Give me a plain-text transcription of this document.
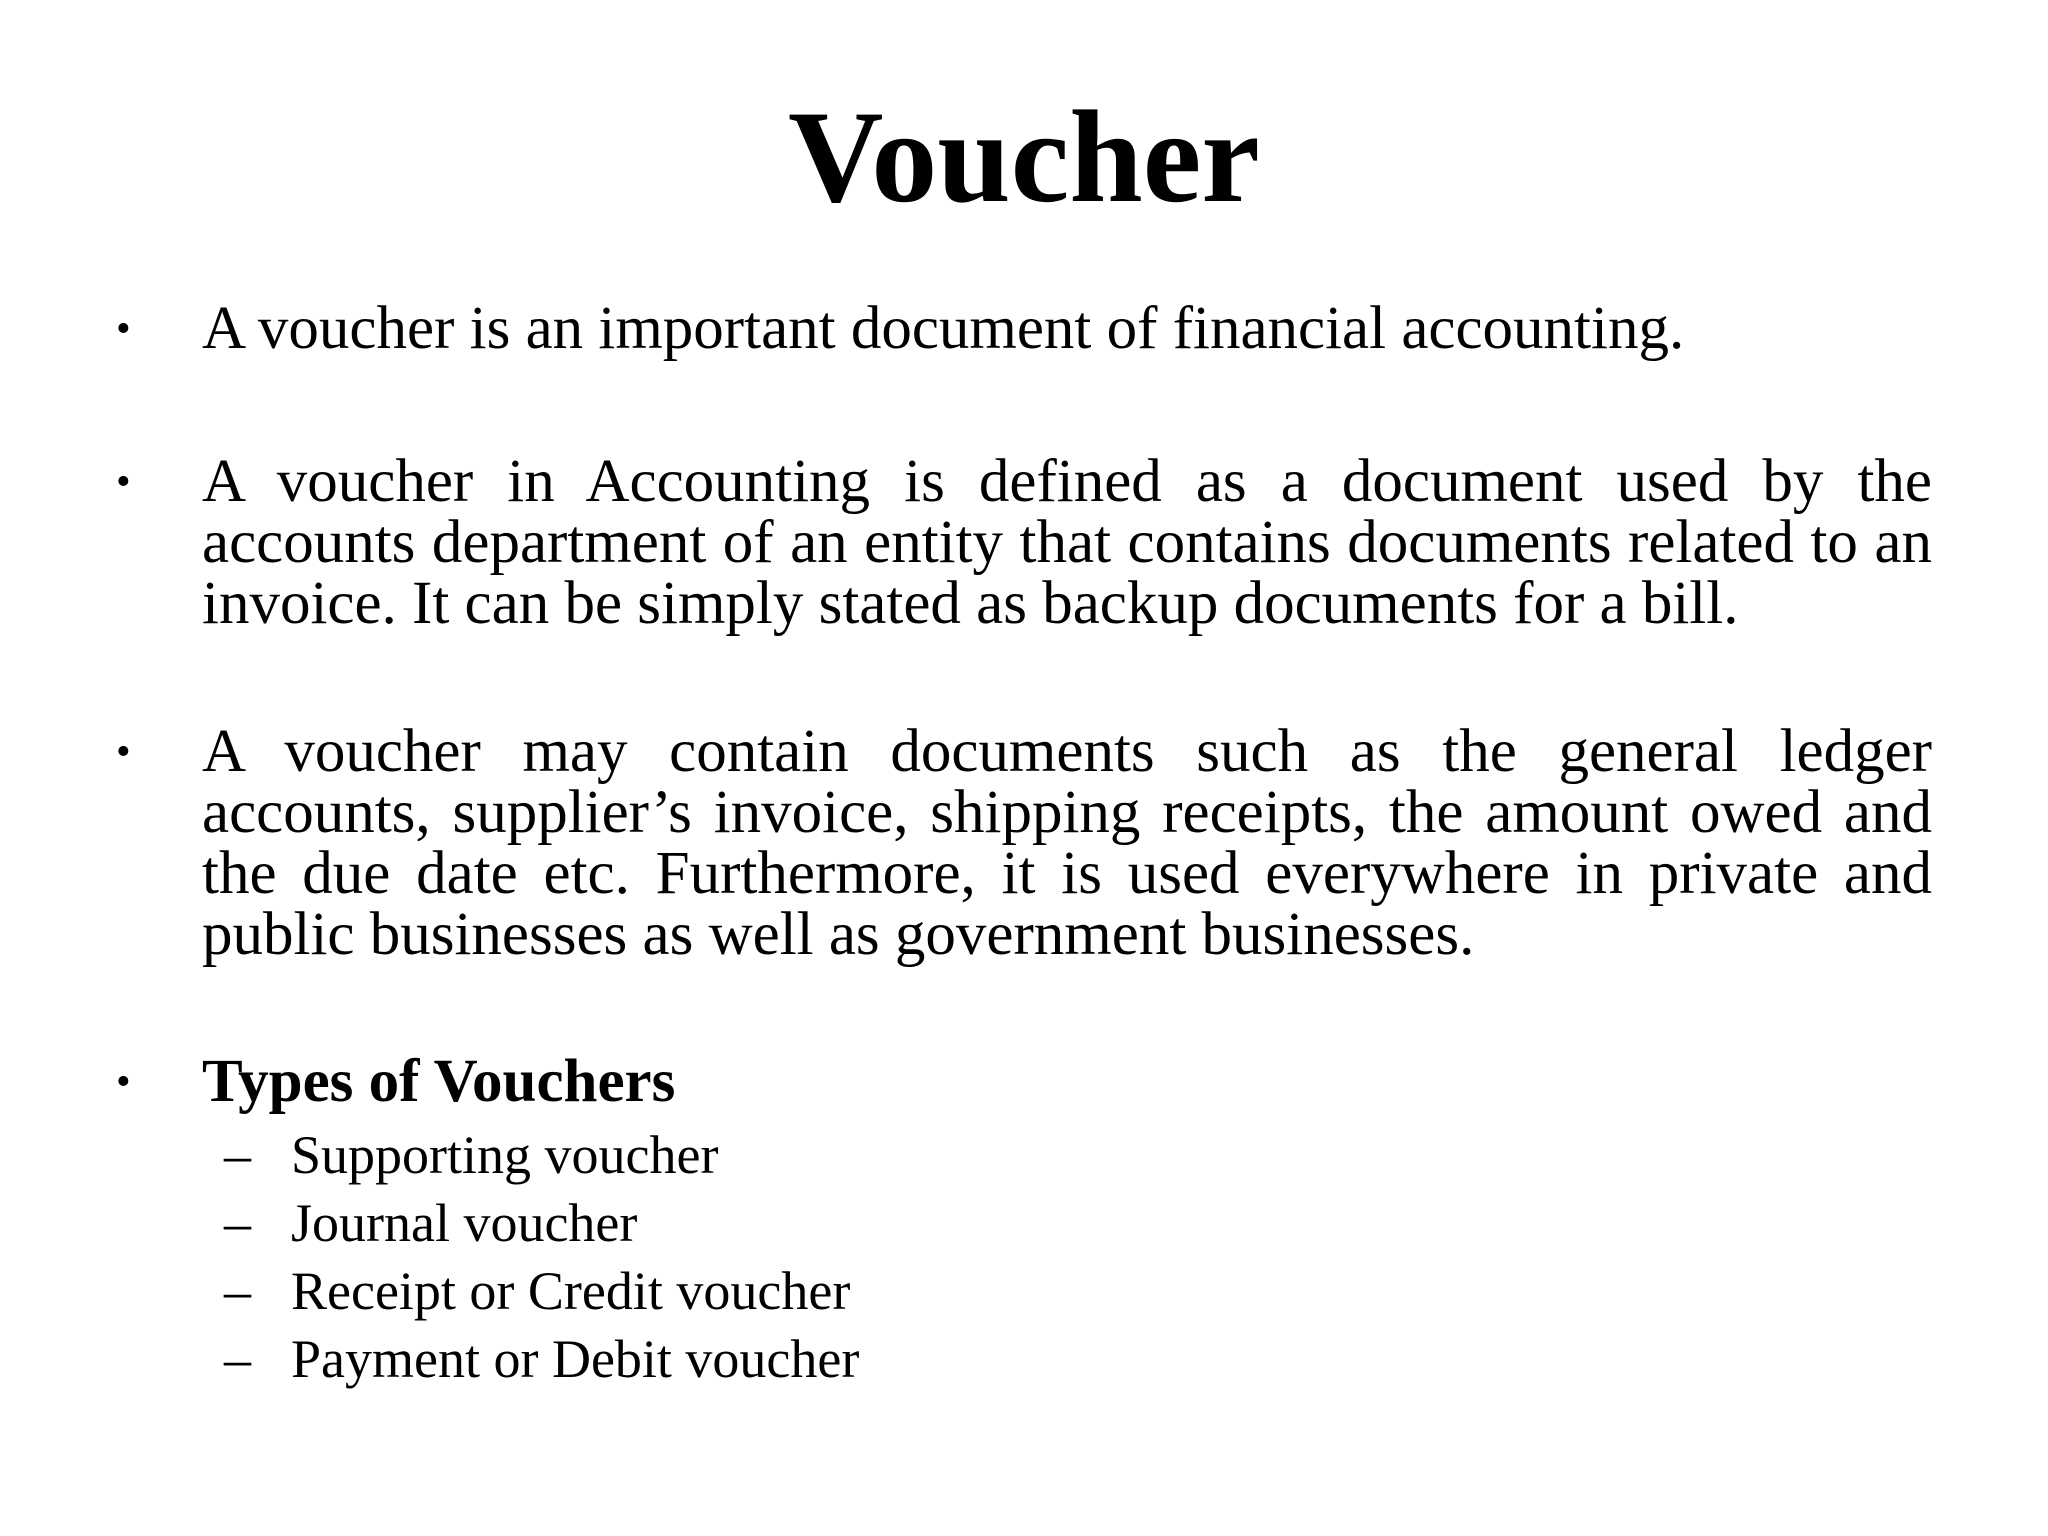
Voucher
• A voucher is an important document of financial accounting.
• A voucher in Accounting is defined as a document used by the accounts department of an entity that contains documents related to an invoice. It can be simply stated as backup documents for a bill.
• A voucher may contain documents such as the general ledger accounts, supplier’s invoice, shipping receipts, the amount owed and the due date etc. Furthermore, it is used everywhere in private and public businesses as well as government businesses.
• Types of Vouchers
– Supporting voucher
– Journal voucher
– Receipt or Credit voucher
– Payment or Debit voucher
